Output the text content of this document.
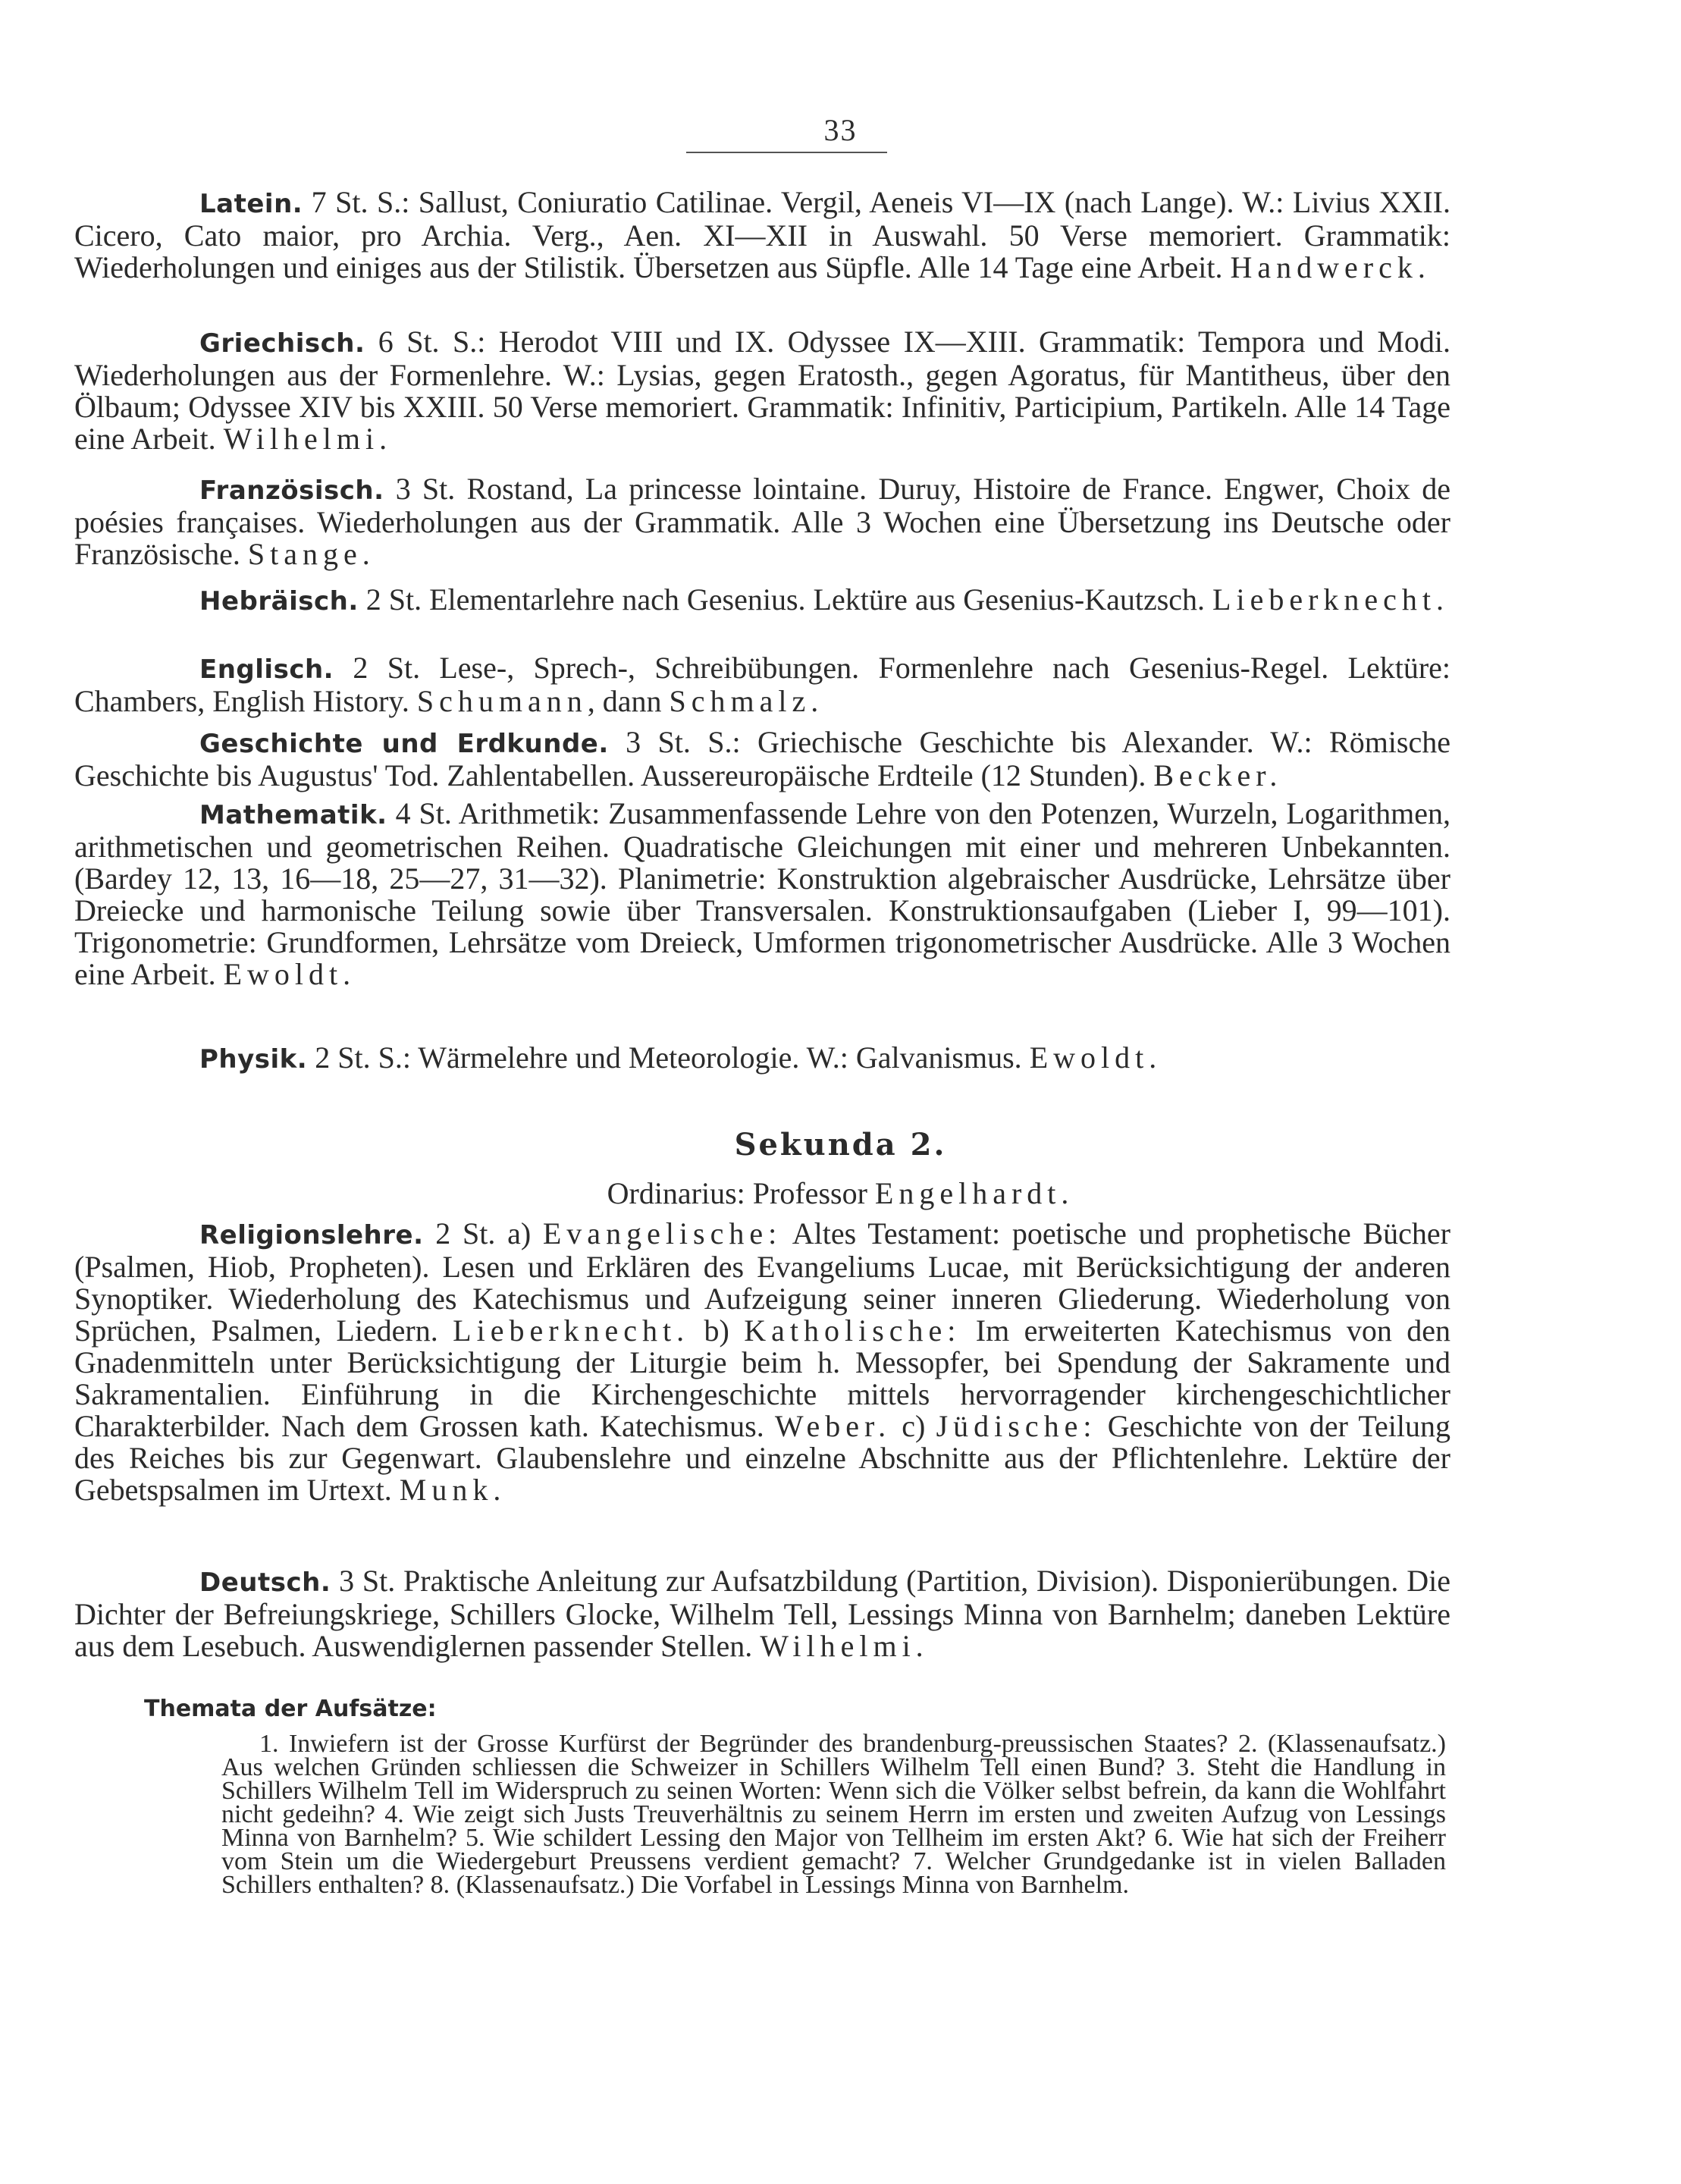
33

Latein. 7 St. S.: Sallust, Coniuratio Catilinae. Vergil, Aeneis VI—IX (nach Lange). W.: Livius XXII. Cicero, Cato maior, pro Archia. Verg., Aen. XI—XII in Auswahl. 50 Verse memoriert. Grammatik: Wiederholungen und einiges aus der Stilistik. Übersetzen aus Süpfle. Alle 14 Tage eine Arbeit. Handwerck.

Griechisch. 6 St. S.: Herodot VIII und IX. Odyssee IX—XIII. Grammatik: Tempora und Modi. Wiederholungen aus der Formenlehre. W.: Lysias, gegen Eratosth., gegen Agoratus, für Mantitheus, über den Ölbaum; Odyssee XIV bis XXIII. 50 Verse memoriert. Grammatik: Infinitiv, Participium, Partikeln. Alle 14 Tage eine Arbeit. Wilhelmi.

Französisch. 3 St. Rostand, La princesse lointaine. Duruy, Histoire de France. Engwer, Choix de poésies françaises. Wiederholungen aus der Grammatik. Alle 3 Wochen eine Übersetzung ins Deutsche oder Französische. Stange.

Hebräisch. 2 St. Elementarlehre nach Gesenius. Lektüre aus Gesenius-Kautzsch. Lieberknecht.

Englisch. 2 St. Lese-, Sprech-, Schreibübungen. Formenlehre nach Gesenius-Regel. Lektüre: Chambers, English History. Schumann, dann Schmalz.

Geschichte und Erdkunde. 3 St. S.: Griechische Geschichte bis Alexander. W.: Römische Geschichte bis Augustus' Tod. Zahlentabellen. Aussereuropäische Erdteile (12 Stunden). Becker.

Mathematik. 4 St. Arithmetik: Zusammenfassende Lehre von den Potenzen, Wurzeln, Logarithmen, arithmetischen und geometrischen Reihen. Quadratische Gleichungen mit einer und mehreren Unbekannten. (Bardey 12, 13, 16—18, 25—27, 31—32). Planimetrie: Konstruktion algebraischer Ausdrücke, Lehrsätze über Dreiecke und harmonische Teilung sowie über Transversalen. Konstruktionsaufgaben (Lieber I, 99—101). Trigonometrie: Grundformen, Lehrsätze vom Dreieck, Umformen trigonometrischer Ausdrücke. Alle 3 Wochen eine Arbeit. Ewoldt.

Physik. 2 St. S.: Wärmelehre und Meteorologie. W.: Galvanismus. Ewoldt.

Sekunda 2.
Ordinarius: Professor Engelhardt.

Religionslehre. 2 St. a) Evangelische: Altes Testament: poetische und prophetische Bücher (Psalmen, Hiob, Propheten). Lesen und Erklären des Evangeliums Lucae, mit Berücksichtigung der anderen Synoptiker. Wiederholung des Katechismus und Aufzeigung seiner inneren Gliederung. Wiederholung von Sprüchen, Psalmen, Liedern. Lieberknecht. b) Katholische: Im erweiterten Katechismus von den Gnadenmitteln unter Berücksichtigung der Liturgie beim h. Messopfer, bei Spendung der Sakramente und Sakramentalien. Einführung in die Kirchengeschichte mittels hervorragender kirchengeschichtlicher Charakterbilder. Nach dem Grossen kath. Katechismus. Weber. c) Jüdische: Geschichte von der Teilung des Reiches bis zur Gegenwart. Glaubenslehre und einzelne Abschnitte aus der Pflichtenlehre. Lektüre der Gebetspsalmen im Urtext. Munk.

Deutsch. 3 St. Praktische Anleitung zur Aufsatzbildung (Partition, Division). Disponierübungen. Die Dichter der Befreiungskriege, Schillers Glocke, Wilhelm Tell, Lessings Minna von Barnhelm; daneben Lektüre aus dem Lesebuch. Auswendiglernen passender Stellen. Wilhelmi.

Themata der Aufsätze:

1. Inwiefern ist der Grosse Kurfürst der Begründer des brandenburg-preussischen Staates? 2. (Klassenaufsatz.) Aus welchen Gründen schliessen die Schweizer in Schillers Wilhelm Tell einen Bund? 3. Steht die Handlung in Schillers Wilhelm Tell im Widerspruch zu seinen Worten: Wenn sich die Völker selbst befrein, da kann die Wohlfahrt nicht gedeihn? 4. Wie zeigt sich Justs Treuverhältnis zu seinem Herrn im ersten und zweiten Aufzug von Lessings Minna von Barnhelm? 5. Wie schildert Lessing den Major von Tellheim im ersten Akt? 6. Wie hat sich der Freiherr vom Stein um die Wiedergeburt Preussens verdient gemacht? 7. Welcher Grundgedanke ist in vielen Balladen Schillers enthalten? 8. (Klassenaufsatz.) Die Vorfabel in Lessings Minna von Barnhelm.
